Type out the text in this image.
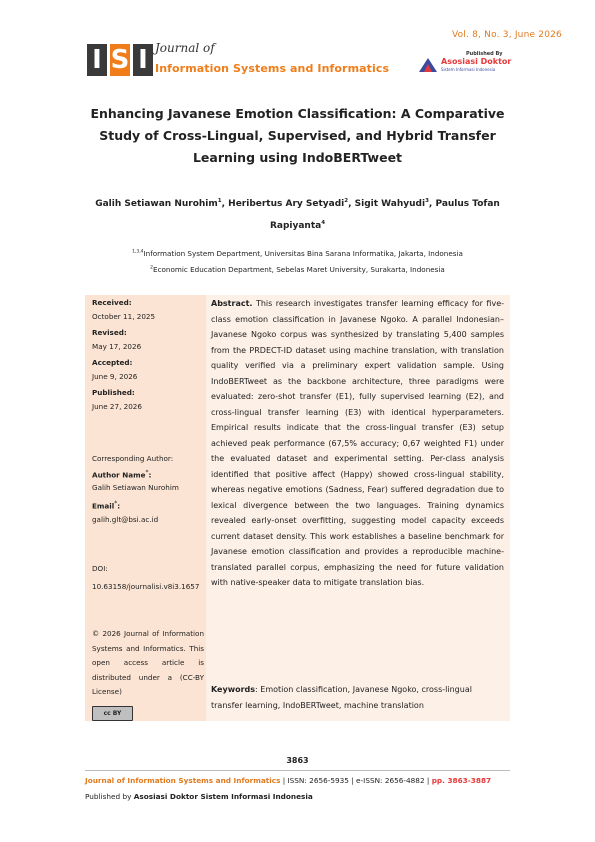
Vol. 8, No. 3, June 2026
I S I Journal of
Information Systems and Informatics
Published By
Asosiasi Doktor
Sistem Informasi Indonesia
Enhancing Javanese Emotion Classification: A Comparative Study of Cross-Lingual, Supervised, and Hybrid Transfer Learning using IndoBERTweet
Galih Setiawan Nurohim$^1$, Heribertus Ary Setyadi$^2$, Sigit Wahyudi$^3$, Paulus Tofan Rapiyanta$^4$
$^{1,3,4}$Information System Department, Universitas Bina Sarana Informatika, Jakarta, Indonesia
$^2$Economic Education Department, Sebelas Maret University, Surakarta, Indonesia
Received:
October 11, 2025
Revised:
May 17, 2026
Accepted:
June 9, 2026
Published:
June 27, 2026
Corresponding Author:
Author Name*:
Galih Setiawan Nurohim
Email*:
galih.glt@bsi.ac.id
DOI:
10.63158/journalisi.v8i3.1657
© 2026 Journal of Information Systems and Informatics. This open access article is distributed under a (CC-BY License)
cc BY
Abstract. This research investigates transfer learning efficacy for five-class emotion classification in Javanese Ngoko. A parallel Indonesian–Javanese Ngoko corpus was synthesized by translating 5,400 samples from the PRDECT-ID dataset using machine translation, with translation quality verified via a preliminary expert validation sample. Using IndoBERTweet as the backbone architecture, three paradigms were evaluated: zero-shot transfer (E1), fully supervised learning (E2), and cross-lingual transfer learning (E3) with identical hyperparameters. Empirical results indicate that the cross-lingual transfer (E3) setup achieved peak performance (67,5% accuracy; 0,67 weighted F1) under the evaluated dataset and experimental setting. Per-class analysis identified that positive affect (Happy) showed cross-lingual stability, whereas negative emotions (Sadness, Fear) suffered degradation due to lexical divergence between the two languages. Training dynamics revealed early-onset overfitting, suggesting model capacity exceeds current dataset density. This work establishes a baseline benchmark for Javanese emotion classification and provides a reproducible machine-translated parallel corpus, emphasizing the need for future validation with native-speaker data to mitigate translation bias.
Keywords: Emotion classification, Javanese Ngoko, cross-lingual transfer learning, IndoBERTweet, machine translation
3863
Journal of Information Systems and Informatics | ISSN: 2656-5935 | e-ISSN: 2656-4882 | pp. 3863-3887
Published by Asosiasi Doktor Sistem Informasi Indonesia
